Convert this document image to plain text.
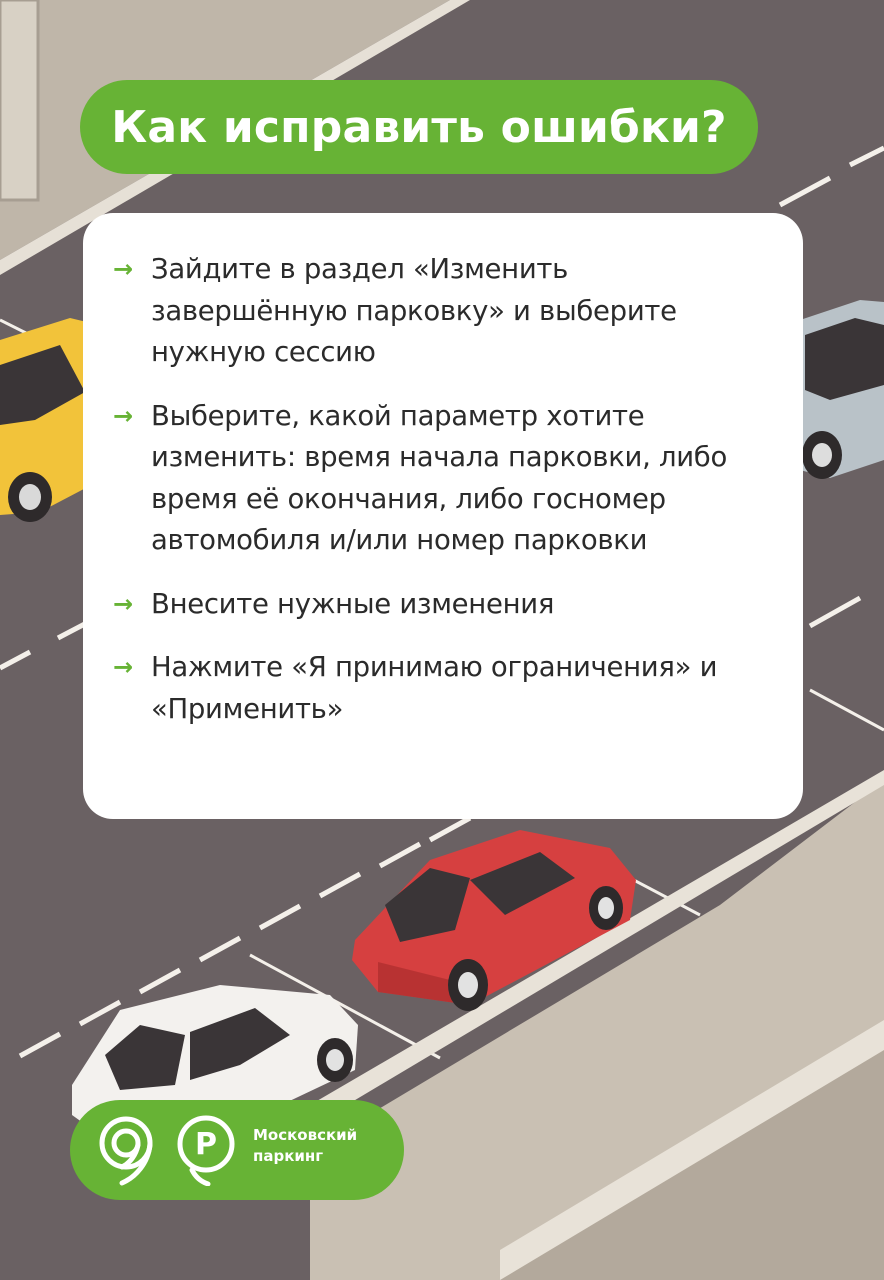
Как исправить ошибки?
→ Зайдите в раздел «Изменить завершённую парковку» и выберите нужную сессию
→ Выберите, какой параметр хотите изменить: время начала парковки, либо время её окончания, либо госномер автомобиля и/или номер парковки
→ Внесите нужные изменения
→ Нажмите «Я принимаю ограничения» и «Применить»
P Московский
паркинг
